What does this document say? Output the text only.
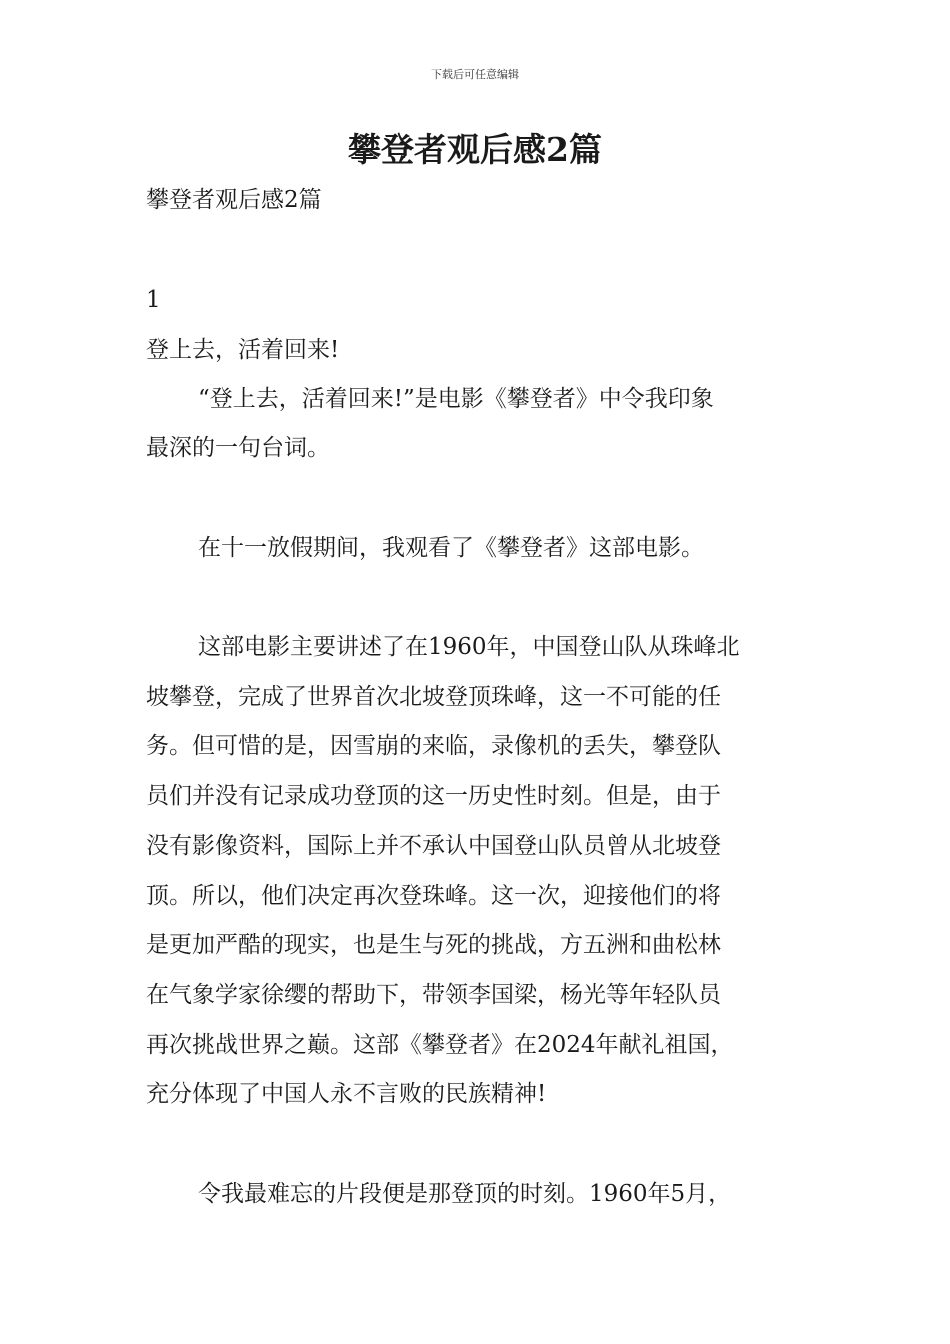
下载后可任意编辑
攀登者观后感2篇

攀登者观后感2篇

1

登上去，活着回来!

“登上去，活着回来!”是电影《攀登者》中令我印象

最深的一句台词。

在十一放假期间，我观看了《攀登者》这部电影。

这部电影主要讲述了在1960年，中国登山队从珠峰北

坡攀登，完成了世界首次北坡登顶珠峰，这一不可能的任

务。但可惜的是，因雪崩的来临，录像机的丢失，攀登队

员们并没有记录成功登顶的这一历史性时刻。但是，由于

没有影像资料，国际上并不承认中国登山队员曾从北坡登

顶。所以，他们决定再次登珠峰。这一次，迎接他们的将

是更加严酷的现实，也是生与死的挑战，方五洲和曲松林

在气象学家徐缨的帮助下，带领李国梁，杨光等年轻队员

再次挑战世界之巅。这部《攀登者》在2024年献礼祖国，

充分体现了中国人永不言败的民族精神!

令我最难忘的片段便是那登顶的时刻。1960年5月，
